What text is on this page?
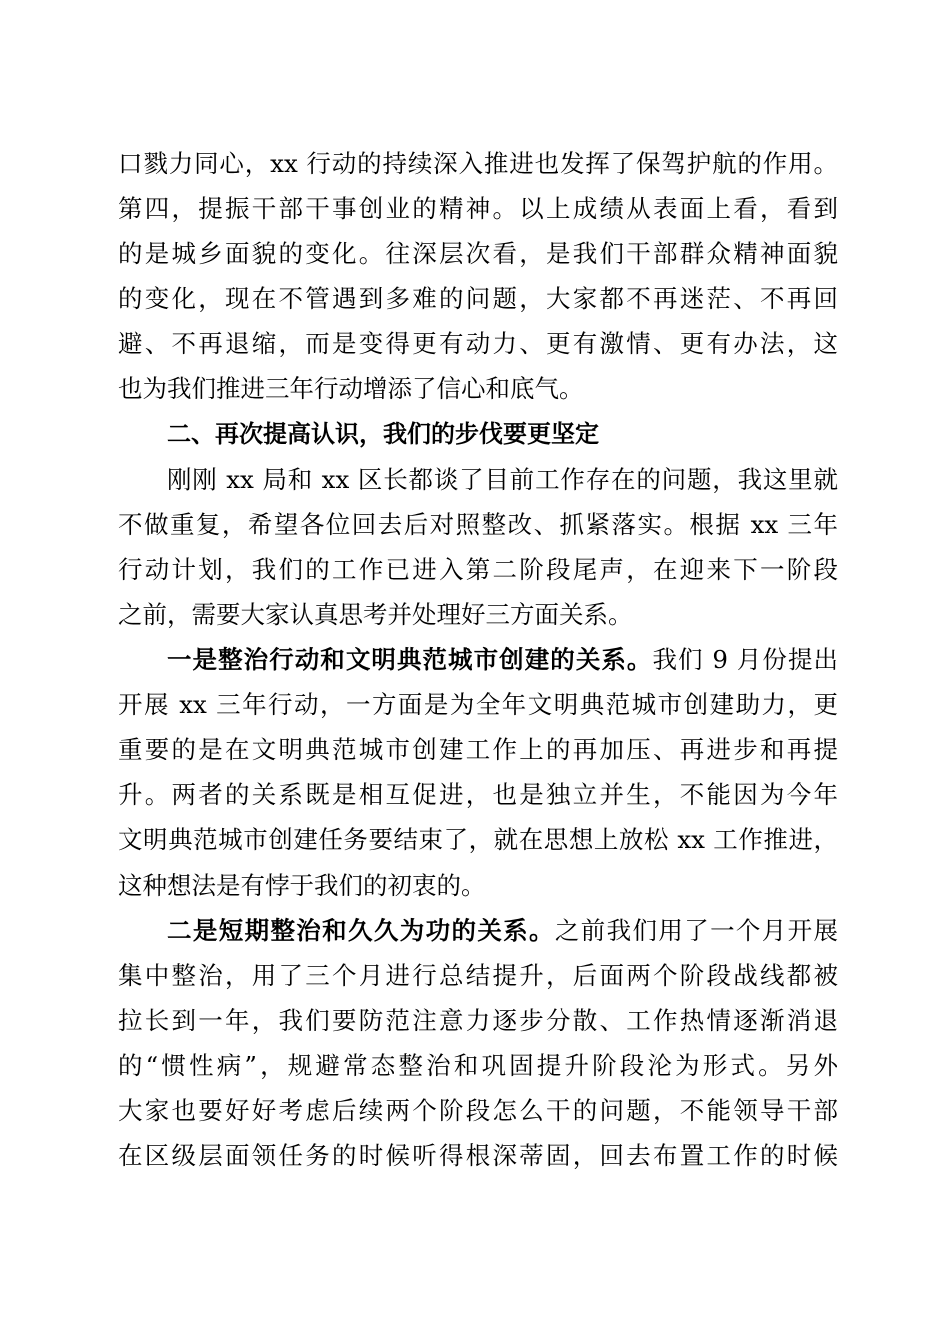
口戮力同心，xx 行动的持续深入推进也发挥了保驾护航的作用。
第四，提振干部干事创业的精神。以上成绩从表面上看，看到
的是城乡面貌的变化。往深层次看，是我们干部群众精神面貌
的变化，现在不管遇到多难的问题，大家都不再迷茫、不再回
避、不再退缩，而是变得更有动力、更有激情、更有办法，这
也为我们推进三年行动增添了信心和底气。
二、再次提高认识，我们的步伐要更坚定
刚刚 xx 局和 xx 区长都谈了目前工作存在的问题，我这里就
不做重复，希望各位回去后对照整改、抓紧落实。根据 xx 三年
行动计划，我们的工作已进入第二阶段尾声，在迎来下一阶段
之前，需要大家认真思考并处理好三方面关系。
一是整治行动和文明典范城市创建的关系。我们 9 月份提出
开展 xx 三年行动，一方面是为全年文明典范城市创建助力，更
重要的是在文明典范城市创建工作上的再加压、再进步和再提
升。两者的关系既是相互促进，也是独立并生，不能因为今年
文明典范城市创建任务要结束了，就在思想上放松 xx 工作推进，
这种想法是有悖于我们的初衷的。
二是短期整治和久久为功的关系。之前我们用了一个月开展
集中整治，用了三个月进行总结提升，后面两个阶段战线都被
拉长到一年，我们要防范注意力逐步分散、工作热情逐渐消退
的“惯性病”，规避常态整治和巩固提升阶段沦为形式。另外
大家也要好好考虑后续两个阶段怎么干的问题，不能领导干部
在区级层面领任务的时候听得根深蒂固，回去布置工作的时候
